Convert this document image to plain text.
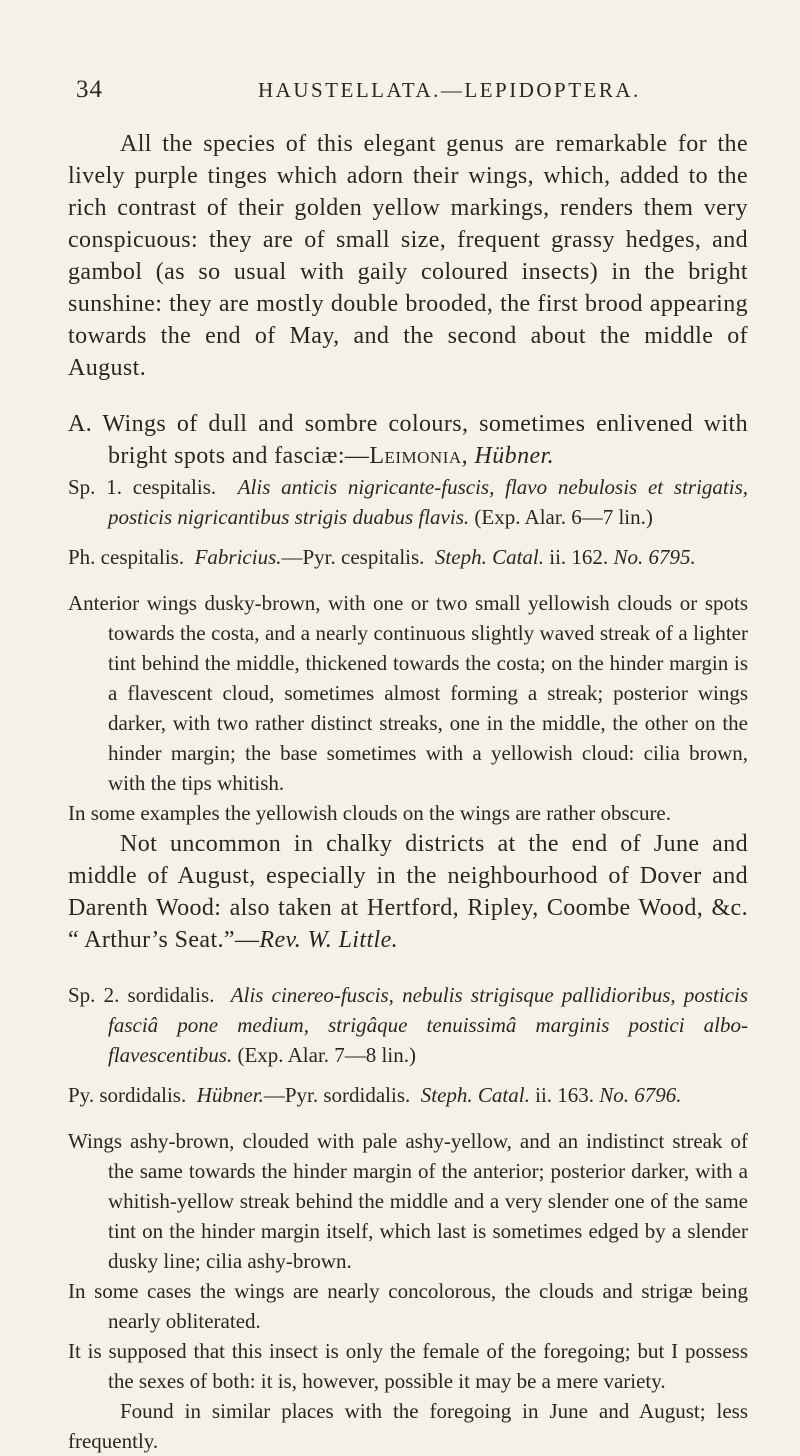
34	HAUSTELLATA.—LEPIDOPTERA.

All the species of this elegant genus are remarkable for the lively purple tinges which adorn their wings, which, added to the rich contrast of their golden yellow markings, renders them very conspicuous: they are of small size, frequent grassy hedges, and gambol (as so usual with gaily coloured insects) in the bright sunshine: they are mostly double brooded, the first brood appearing towards the end of May, and the second about the middle of August.

A. Wings of dull and sombre colours, sometimes enlivened with bright spots and fasciæ:—Leimonia, Hübner.

Sp. 1. cespitalis. Alis anticis nigricante-fuscis, flavo nebulosis et strigatis, posticis nigricantibus strigis duabus flavis. (Exp. Alar. 6—7 lin.)

Ph. cespitalis. Fabricius.—Pyr. cespitalis. Steph. Catal. ii. 162. No. 6795.

Anterior wings dusky-brown, with one or two small yellowish clouds or spots towards the costa, and a nearly continuous slightly waved streak of a lighter tint behind the middle, thickened towards the costa; on the hinder margin is a flavescent cloud, sometimes almost forming a streak; posterior wings darker, with two rather distinct streaks, one in the middle, the other on the hinder margin; the base sometimes with a yellowish cloud: cilia brown, with the tips whitish.

In some examples the yellowish clouds on the wings are rather obscure.

Not uncommon in chalky districts at the end of June and middle of August, especially in the neighbourhood of Dover and Darenth Wood: also taken at Hertford, Ripley, Coombe Wood, &c. “ Arthur’s Seat.”—Rev. W. Little.

Sp. 2. sordidalis. Alis cinereo-fuscis, nebulis strigisque pallidioribus, posticis fasciâ pone medium, strigâque tenuissimâ marginis postici albo-flavescentibus. (Exp. Alar. 7—8 lin.)

Py. sordidalis. Hübner.—Pyr. sordidalis. Steph. Catal. ii. 163. No. 6796.

Wings ashy-brown, clouded with pale ashy-yellow, and an indistinct streak of the same towards the hinder margin of the anterior; posterior darker, with a whitish-yellow streak behind the middle and a very slender one of the same tint on the hinder margin itself, which last is sometimes edged by a slender dusky line; cilia ashy-brown.

In some cases the wings are nearly concolorous, the clouds and strigæ being nearly obliterated.

It is supposed that this insect is only the female of the foregoing; but I possess the sexes of both: it is, however, possible it may be a mere variety.

Found in similar places with the foregoing in June and August; less frequently.
